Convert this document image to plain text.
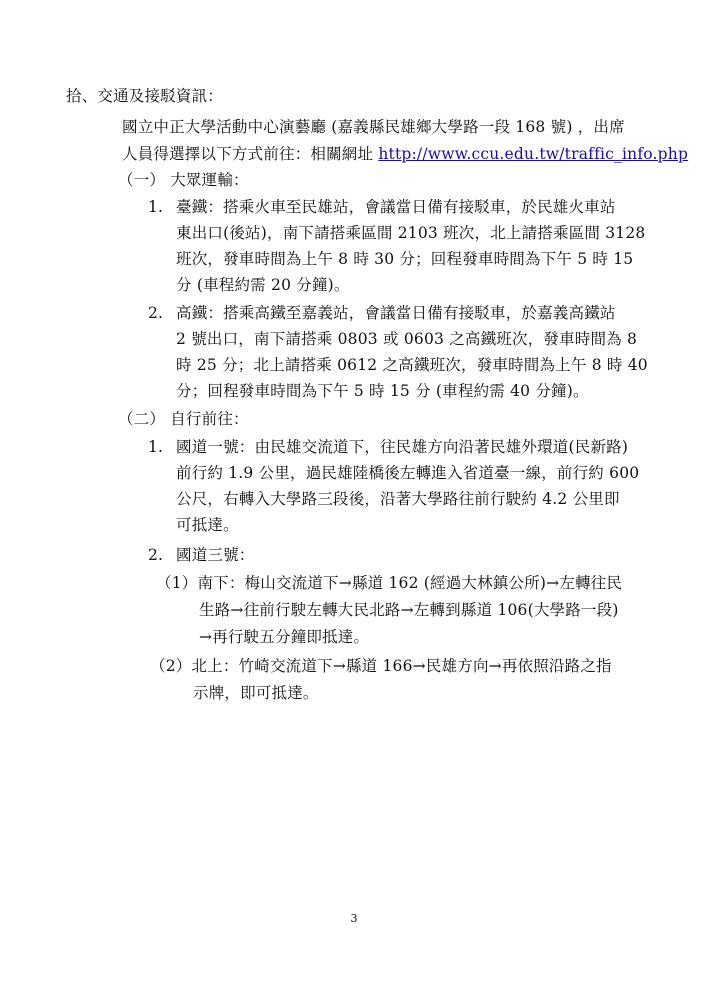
拾、交通及接駁資訊：
國立中正大學活動中心演藝廳 (嘉義縣民雄鄉大學路一段 168 號) ，出席
人員得選擇以下方式前往：相關網址 http://www.ccu.edu.tw/traffic_info.php
（一） 大眾運輸：
1. 臺鐵：搭乘火車至民雄站，會議當日備有接駁車，於民雄火車站
東出口(後站)，南下請搭乘區間 2103 班次，北上請搭乘區間 3128
班次，發車時間為上午 8 時 30 分；回程發車時間為下午 5 時 15
分 (車程約需 20 分鐘)。
2. 高鐵：搭乘高鐵至嘉義站，會議當日備有接駁車，於嘉義高鐵站
2 號出口，南下請搭乘 0803 或 0603 之高鐵班次，發車時間為 8
時 25 分；北上請搭乘 0612 之高鐵班次，發車時間為上午 8 時 40
分；回程發車時間為下午 5 時 15 分 (車程約需 40 分鐘)。
（二） 自行前往：
1. 國道一號：由民雄交流道下，往民雄方向沿著民雄外環道(民新路)
前行約 1.9 公里，過民雄陸橋後左轉進入省道臺一線，前行約 600
公尺，右轉入大學路三段後，沿著大學路往前行駛約 4.2 公里即
可抵達。
2. 國道三號：
（1）南下：梅山交流道下→縣道 162 (經過大林鎮公所)→左轉往民
生路→往前行駛左轉大民北路→左轉到縣道 106(大學路一段)
→再行駛五分鐘即抵達。
（2）北上：竹崎交流道下→縣道 166→民雄方向→再依照沿路之指
示牌，即可抵達。
3
